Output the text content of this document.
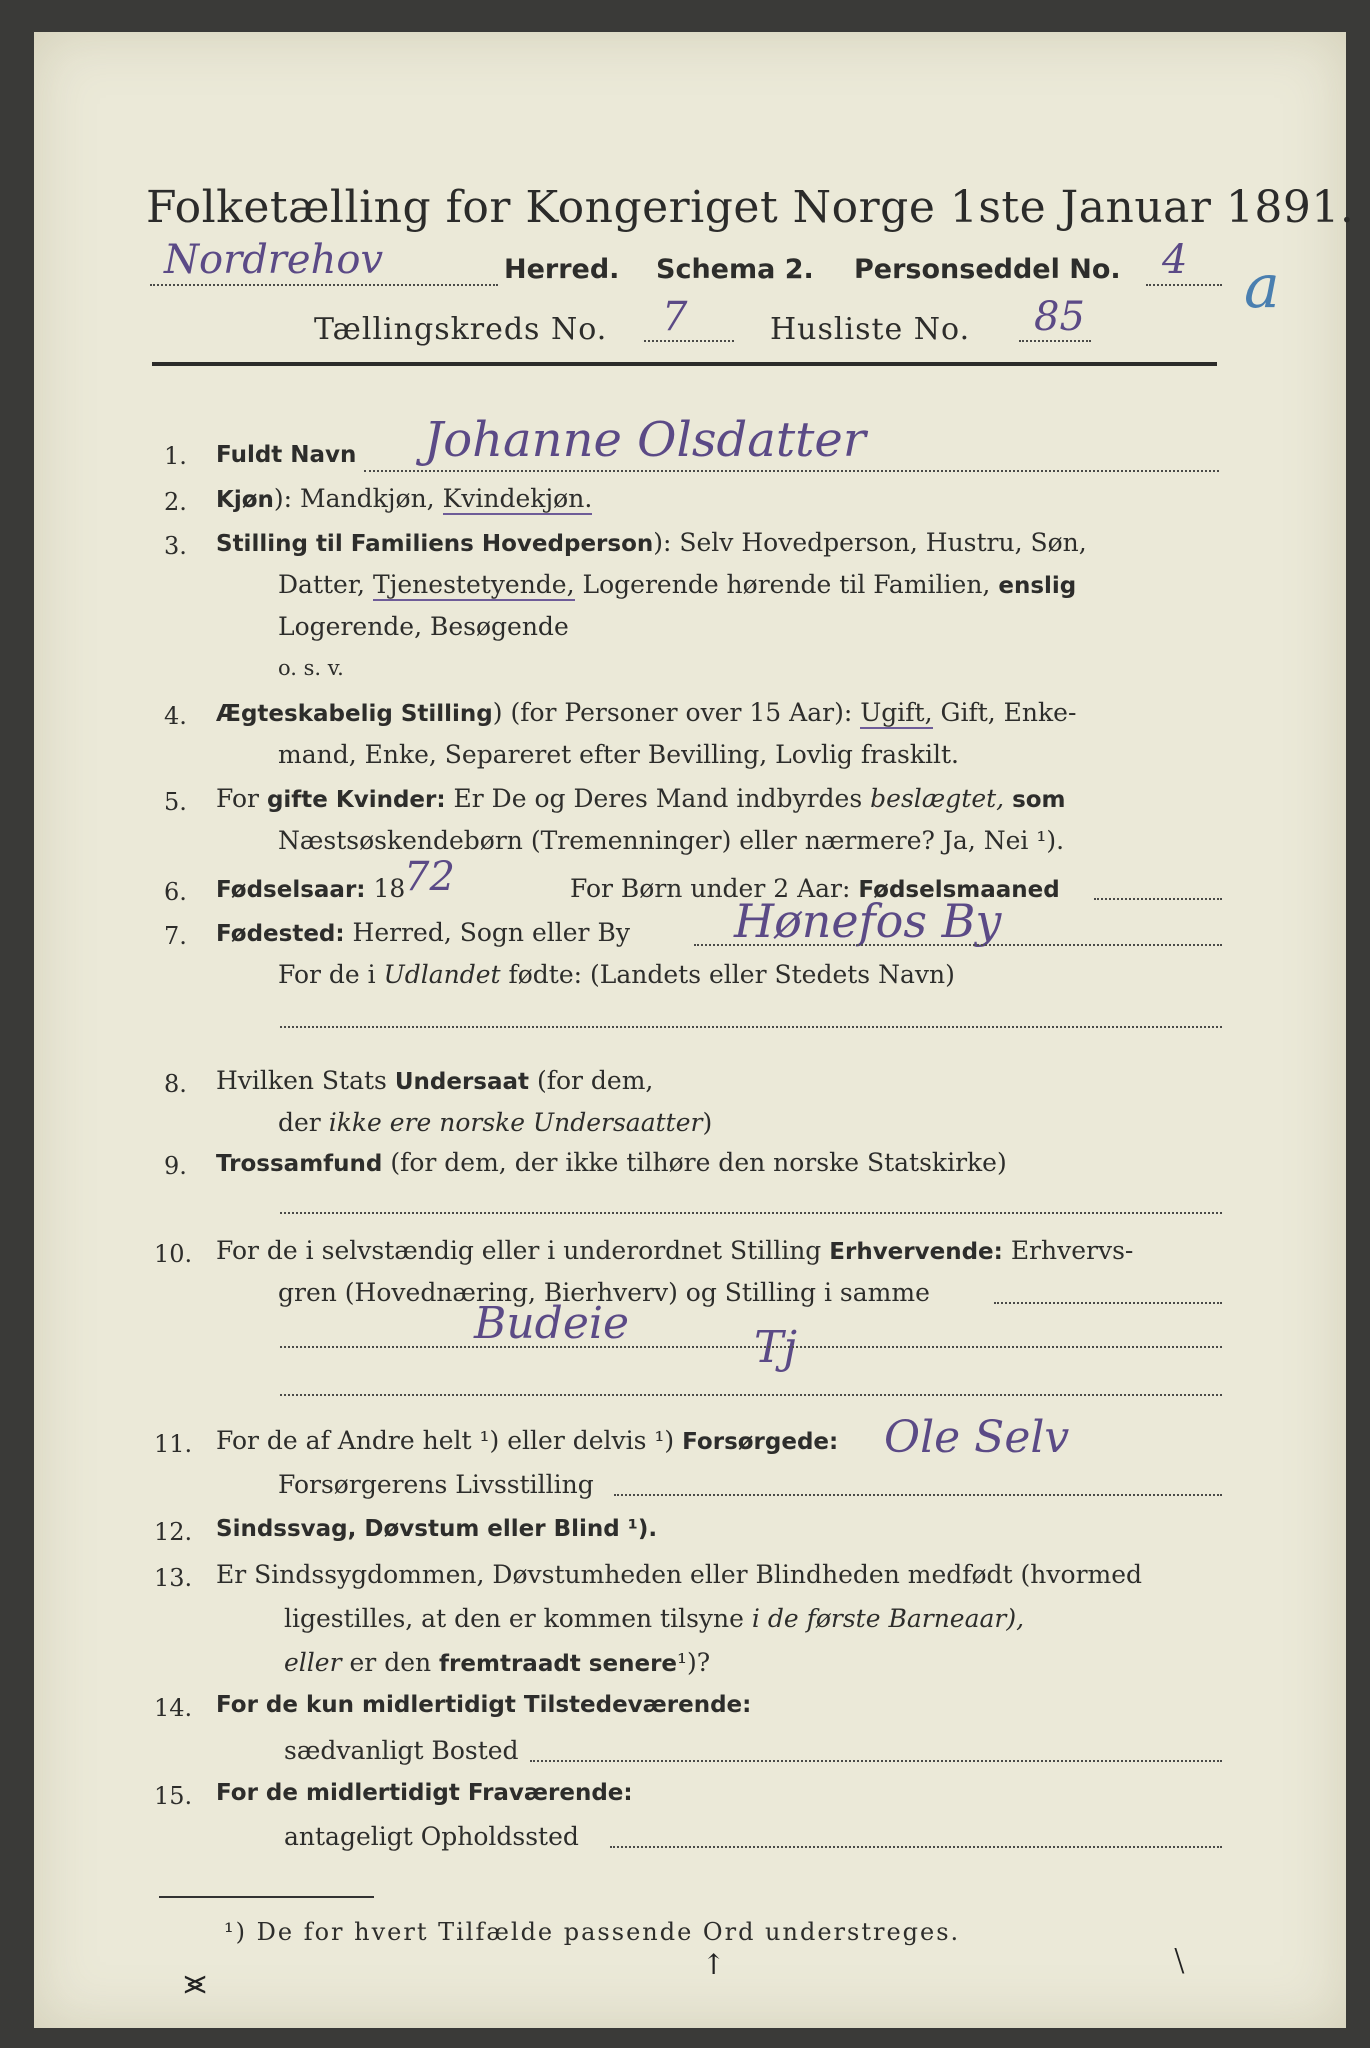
Folketælling for Kongeriget Norge 1ste Januar 1891.
Nordrehov	Herred. Schema 2. Personseddel No. 4 a
Tællingskreds No. 7	Husliste No. 85
1. Fuldt Navn Johanne Olsdatter
2. Kjøn): Mandkjøn, Kvindekjøn.
3. Stilling til Familiens Hovedperson): Selv Hovedperson, Hustru, Søn,
Datter, Tjenestetyende, Logerende hørende til Familien, enslig
Logerende, Besøgende
o. s. v.
4. Ægteskabelig Stilling) (for Personer over 15 Aar): Ugift, Gift, Enke-
mand, Enke, Separeret efter Bevilling, Lovlig fraskilt.
5. For gifte Kvinder: Er De og Deres Mand indbyrdes beslægtet, som
Næstsøskendebørn (Tremenninger) eller nærmere? Ja, Nei ¹).
6. Fødselsaar: 18
72	For Børn under 2 Aar: Fødselsmaaned
7. Fødested: Herred, Sogn eller By Hønefos By
For de i Udlandet fødte: (Landets eller Stedets Navn)
8. Hvilken Stats Undersaat (for dem,
der ikke ere norske Undersaatter)
9. Trossamfund (for dem, der ikke tilhøre den norske Statskirke)
10. For de i selvstændig eller i underordnet Stilling Erhvervende: Erhvervs-
gren (Hovednæring, Bierhverv) og Stilling i samme
Budeie	Tj
11. For de af Andre helt ¹) eller delvis ¹) Forsørgede:
Forsørgerens Livsstilling
Ole Selv
12. Sindssvag, Døvstum eller Blind ¹).
13. Er Sindssygdommen, Døvstumheden eller Blindheden medfødt (hvormed
ligestilles, at den er kommen tilsyne i de første Barneaar),
eller er den fremtraadt senere¹)?
14. For de kun midlertidigt Tilstedeværende:
sædvanligt Bosted
15. For de midlertidigt Fraværende:
antageligt Opholdssted
¹) De for hvert Tilfælde passende Ord understreges.
⪤	↑	⧵
